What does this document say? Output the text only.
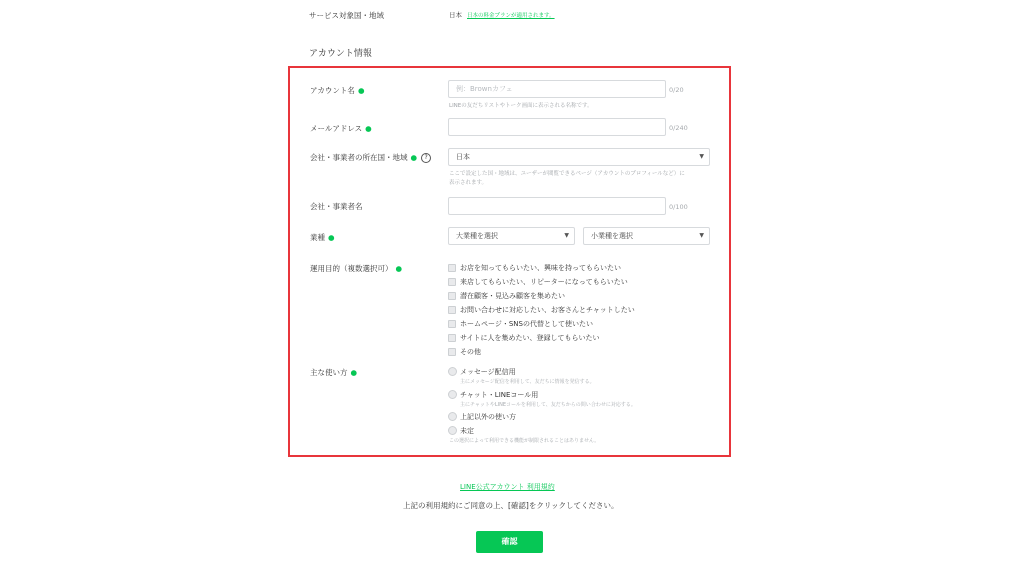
サービス対象国・地域	日本 日本の料金プランが適用されます。
アカウント情報
アカウント名 ●	例：Brownカフェ	0/20
LINEの友だちリストやトーク画面に表示される名称です。
メールアドレス ●	0/240
会社・事業者の所在国・地域 ● ?	日本	▼
ここで設定した国・地域は、ユーザーが閲覧できるページ（アカウントのプロフィールなど）に
表示されます。
会社・事業者名	0/100
業種 ●	大業種を選択	▼	小業種を選択	▼
運用目的（複数選択可） ●	お店を知ってもらいたい、興味を持ってもらいたい
来店してもらいたい、リピーターになってもらいたい
潜在顧客・見込み顧客を集めたい
お問い合わせに対応したい、お客さんとチャットしたい
ホームページ・SNSの代替として使いたい
サイトに人を集めたい、登録してもらいたい
その他
主な使い方 ●	メッセージ配信用
主にメッセージ配信を利用して、友だちに情報を発信する。
チャット・LINEコール用
主にチャットやLINEコールを利用して、友だちからの問い合わせに対応する。
上記以外の使い方
未定
この選択によって利用できる機能が制限されることはありません。
LINE公式アカウント 利用規約
上記の利用規約にご同意の上、[確認]をクリックしてください。
確認
